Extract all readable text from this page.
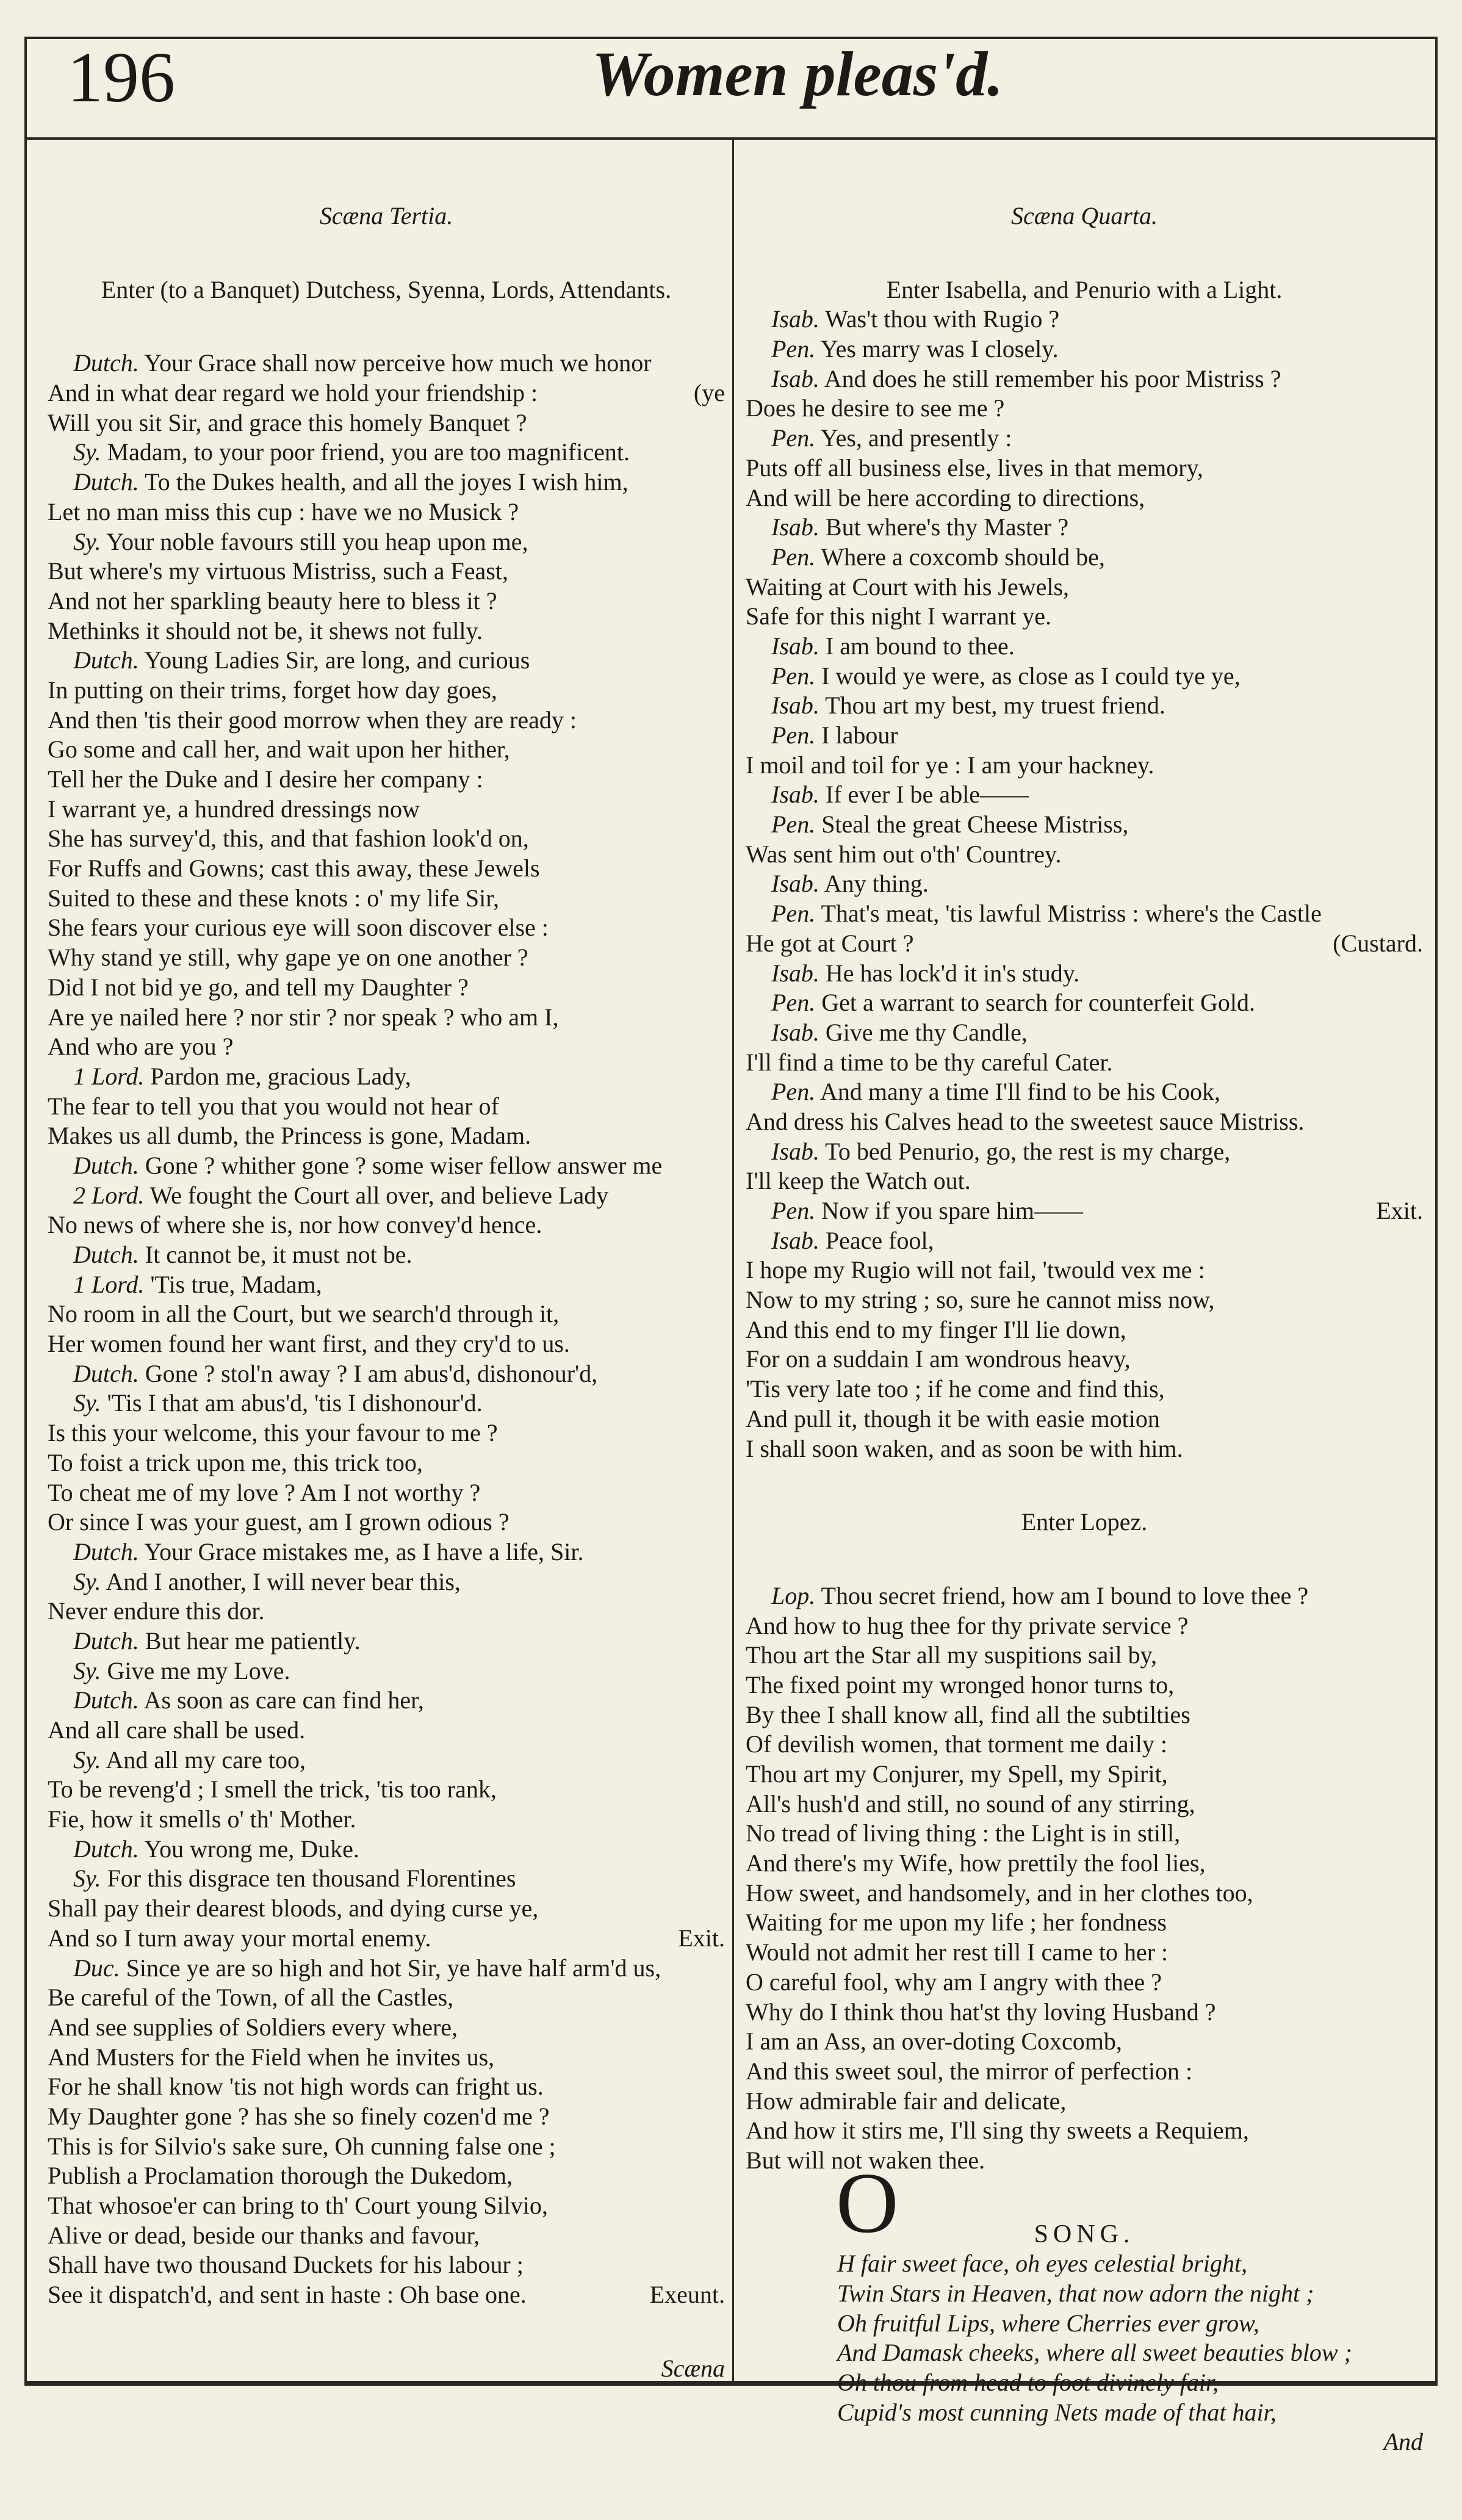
196	Women pleas'd.
Scæna Tertia.
Enter (to a Banquet) Dutchess, Syenna, Lords, Attendants.
Dutch. Your Grace shall now perceive how much we honor
And in what dear regard we hold your friendship :	(ye
Will you sit Sir, and grace this homely Banquet ?
Sy. Madam, to your poor friend, you are too magnificent.
Dutch. To the Dukes health, and all the joyes I wish him,
Let no man miss this cup : have we no Musick ?
Sy. Your noble favours still you heap upon me,
But where's my virtuous Mistriss, such a Feast,
And not her sparkling beauty here to bless it ?
Methinks it should not be, it shews not fully.
Dutch. Young Ladies Sir, are long, and curious
In putting on their trims, forget how day goes,
And then 'tis their good morrow when they are ready :
Go some and call her, and wait upon her hither,
Tell her the Duke and I desire her company :
I warrant ye, a hundred dressings now
She has survey'd, this, and that fashion look'd on,
For Ruffs and Gowns; cast this away, these Jewels
Suited to these and these knots : o' my life Sir,
She fears your curious eye will soon discover else :
Why stand ye still, why gape ye on one another ?
Did I not bid ye go, and tell my Daughter ?
Are ye nailed here ? nor stir ? nor speak ? who am I,
And who are you ?
1 Lord. Pardon me, gracious Lady,
The fear to tell you that you would not hear of
Makes us all dumb, the Princess is gone, Madam.
Dutch. Gone ? whither gone ? some wiser fellow answer me
2 Lord. We fought the Court all over, and believe Lady
No news of where she is, nor how convey'd hence.
Dutch. It cannot be, it must not be.
1 Lord. 'Tis true, Madam,
No room in all the Court, but we search'd through it,
Her women found her want first, and they cry'd to us.
Dutch. Gone ? stol'n away ? I am abus'd, dishonour'd,
Sy. 'Tis I that am abus'd, 'tis I dishonour'd.
Is this your welcome, this your favour to me ?
To foist a trick upon me, this trick too,
To cheat me of my love ? Am I not worthy ?
Or since I was your guest, am I grown odious ?
Dutch. Your Grace mistakes me, as I have a life, Sir.
Sy. And I another, I will never bear this,
Never endure this dor.
Dutch. But hear me patiently.
Sy. Give me my Love.
Dutch. As soon as care can find her,
And all care shall be used.
Sy. And all my care too,
To be reveng'd ; I smell the trick, 'tis too rank,
Fie, how it smells o' th' Mother.
Dutch. You wrong me, Duke.
Sy. For this disgrace ten thousand Florentines
Shall pay their dearest bloods, and dying curse ye,
And so I turn away your mortal enemy.	Exit.
Duc. Since ye are so high and hot Sir, ye have half arm'd us,
Be careful of the Town, of all the Castles,
And see supplies of Soldiers every where,
And Musters for the Field when he invites us,
For he shall know 'tis not high words can fright us.
My Daughter gone ? has she so finely cozen'd me ?
This is for Silvio's sake sure, Oh cunning false one ;
Publish a Proclamation thorough the Dukedom,
That whosoe'er can bring to th' Court young Silvio,
Alive or dead, beside our thanks and favour,
Shall have two thousand Duckets for his labour ;
See it dispatch'd, and sent in haste : Oh base one.	Exeunt.
Scæna
Scæna Quarta.
Enter Isabella, and Penurio with a Light.
Isab. Was't thou with Rugio ?
Pen. Yes marry was I closely.
Isab. And does he still remember his poor Mistriss ?
Does he desire to see me ?
Pen. Yes, and presently :
Puts off all business else, lives in that memory,
And will be here according to directions,
Isab. But where's thy Master ?
Pen. Where a coxcomb should be,
Waiting at Court with his Jewels,
Safe for this night I warrant ye.
Isab. I am bound to thee.
Pen. I would ye were, as close as I could tye ye,
Isab. Thou art my best, my truest friend.
Pen. I labour
I moil and toil for ye : I am your hackney.
Isab. If ever I be able——
Pen. Steal the great Cheese Mistriss,
Was sent him out o'th' Countrey.
Isab. Any thing.
Pen. That's meat, 'tis lawful Mistriss : where's the Castle
He got at Court ?	(Custard.
Isab. He has lock'd it in's study.
Pen. Get a warrant to search for counterfeit Gold.
Isab. Give me thy Candle,
I'll find a time to be thy careful Cater.
Pen. And many a time I'll find to be his Cook,
And dress his Calves head to the sweetest sauce Mistriss.
Isab. To bed Penurio, go, the rest is my charge,
I'll keep the Watch out.
Pen. Now if you spare him——	Exit.
Isab. Peace fool,
I hope my Rugio will not fail, 'twould vex me :
Now to my string ; so, sure he cannot miss now,
And this end to my finger I'll lie down,
For on a suddain I am wondrous heavy,
'Tis very late too ; if he come and find this,
And pull it, though it be with easie motion
I shall soon waken, and as soon be with him.
Enter Lopez.
Lop. Thou secret friend, how am I bound to love thee ?
And how to hug thee for thy private service ?
Thou art the Star all my suspitions sail by,
The fixed point my wronged honor turns to,
By thee I shall know all, find all the subtilties
Of devilish women, that torment me daily :
Thou art my Conjurer, my Spell, my Spirit,
All's hush'd and still, no sound of any stirring,
No tread of living thing : the Light is in still,
And there's my Wife, how prettily the fool lies,
How sweet, and handsomely, and in her clothes too,
Waiting for me upon my life ; her fondness
Would not admit her rest till I came to her :
O careful fool, why am I angry with thee ?
Why do I think thou hat'st thy loving Husband ?
I am an Ass, an over-doting Coxcomb,
And this sweet soul, the mirror of perfection :
How admirable fair and delicate,
And how it stirs me, I'll sing thy sweets a Requiem,
But will not waken thee.
SONG.
H fair sweet face, oh eyes celestial bright,
Twin Stars in Heaven, that now adorn the night ;
Oh fruitful Lips, where Cherries ever grow,
And Damask cheeks, where all sweet beauties blow ;
Oh thou from head to foot divinely fair,
Cupid's most cunning Nets made of that hair,
And
O
